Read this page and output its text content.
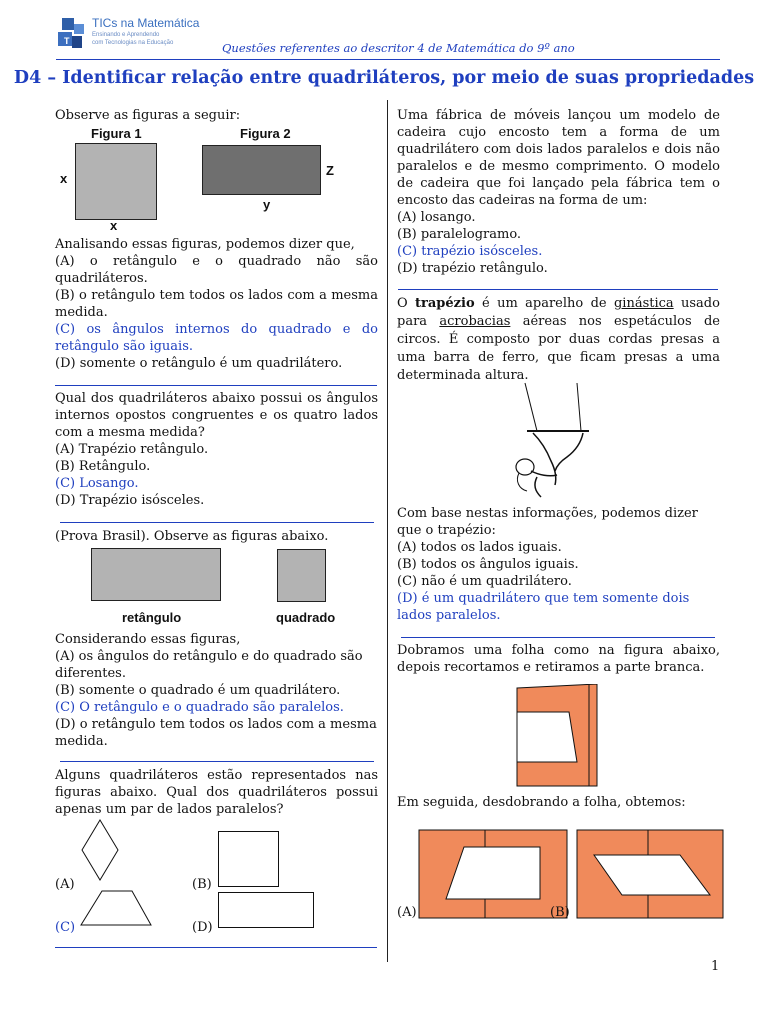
T
TICs na Matemática
Ensinando e Aprendendo
com Tecnologias na Educação	Questões referentes ao descritor 4 de Matemática do 9º ano
D4 – Identificar relação entre quadriláteros, por meio de suas propriedades

Observe as figuras a seguir:

Figura 1	Figura 2
x
x
Z
y

Analisando essas figuras, podemos dizer que,

(A) o retângulo e o quadrado não são quadriláteros.

(B) o retângulo tem todos os lados com a mesma medida.

(C) os ângulos internos do quadrado e do retângulo são iguais.

(D) somente o retângulo é um quadrilátero.

Qual dos quadriláteros abaixo possui os ângulos internos opostos congruentes e os quatro lados com a mesma medida?

(A) Trapézio retângulo.

(B) Retângulo.

(C) Losango.

(D) Trapézio isósceles.

(Prova Brasil). Observe as figuras abaixo.

retângulo	quadrado

Considerando essas figuras,

(A) os ângulos do retângulo e do quadrado são diferentes.

(B) somente o quadrado é um quadrilátero.

(C) O retângulo e o quadrado são paralelos.

(D) o retângulo tem todos os lados com a mesma medida.

Alguns quadriláteros estão representados nas figuras abaixo. Qual dos quadriláteros possui apenas um par de lados paralelos?

(A)	(B)

(C)	(D)

Uma fábrica de móveis lançou um modelo de cadeira cujo encosto tem a forma de um quadrilátero com dois lados paralelos e dois não paralelos e de mesmo comprimento. O modelo de cadeira que foi lançado pela fábrica tem o encosto das cadeiras na forma de um:

(A) losango.

(B) paralelogramo.

(C) trapézio isósceles.

(D) trapézio retângulo.

O trapézio é um aparelho de ginástica usado para acrobacias aéreas nos espetáculos de circos. É composto por duas cordas presas a uma barra de ferro, que ficam presas a uma determinada altura.

Com base nestas informações, podemos dizer que o trapézio:

(A) todos os lados iguais.

(B) todos os ângulos iguais.

(C) não é um quadrilátero.

(D) é um quadrilátero que tem somente dois lados paralelos.

Dobramos uma folha como na figura abaixo, depois recortamos e retiramos a parte branca.

Em seguida, desdobrando a folha, obtemos:

(A)	(B)

1
